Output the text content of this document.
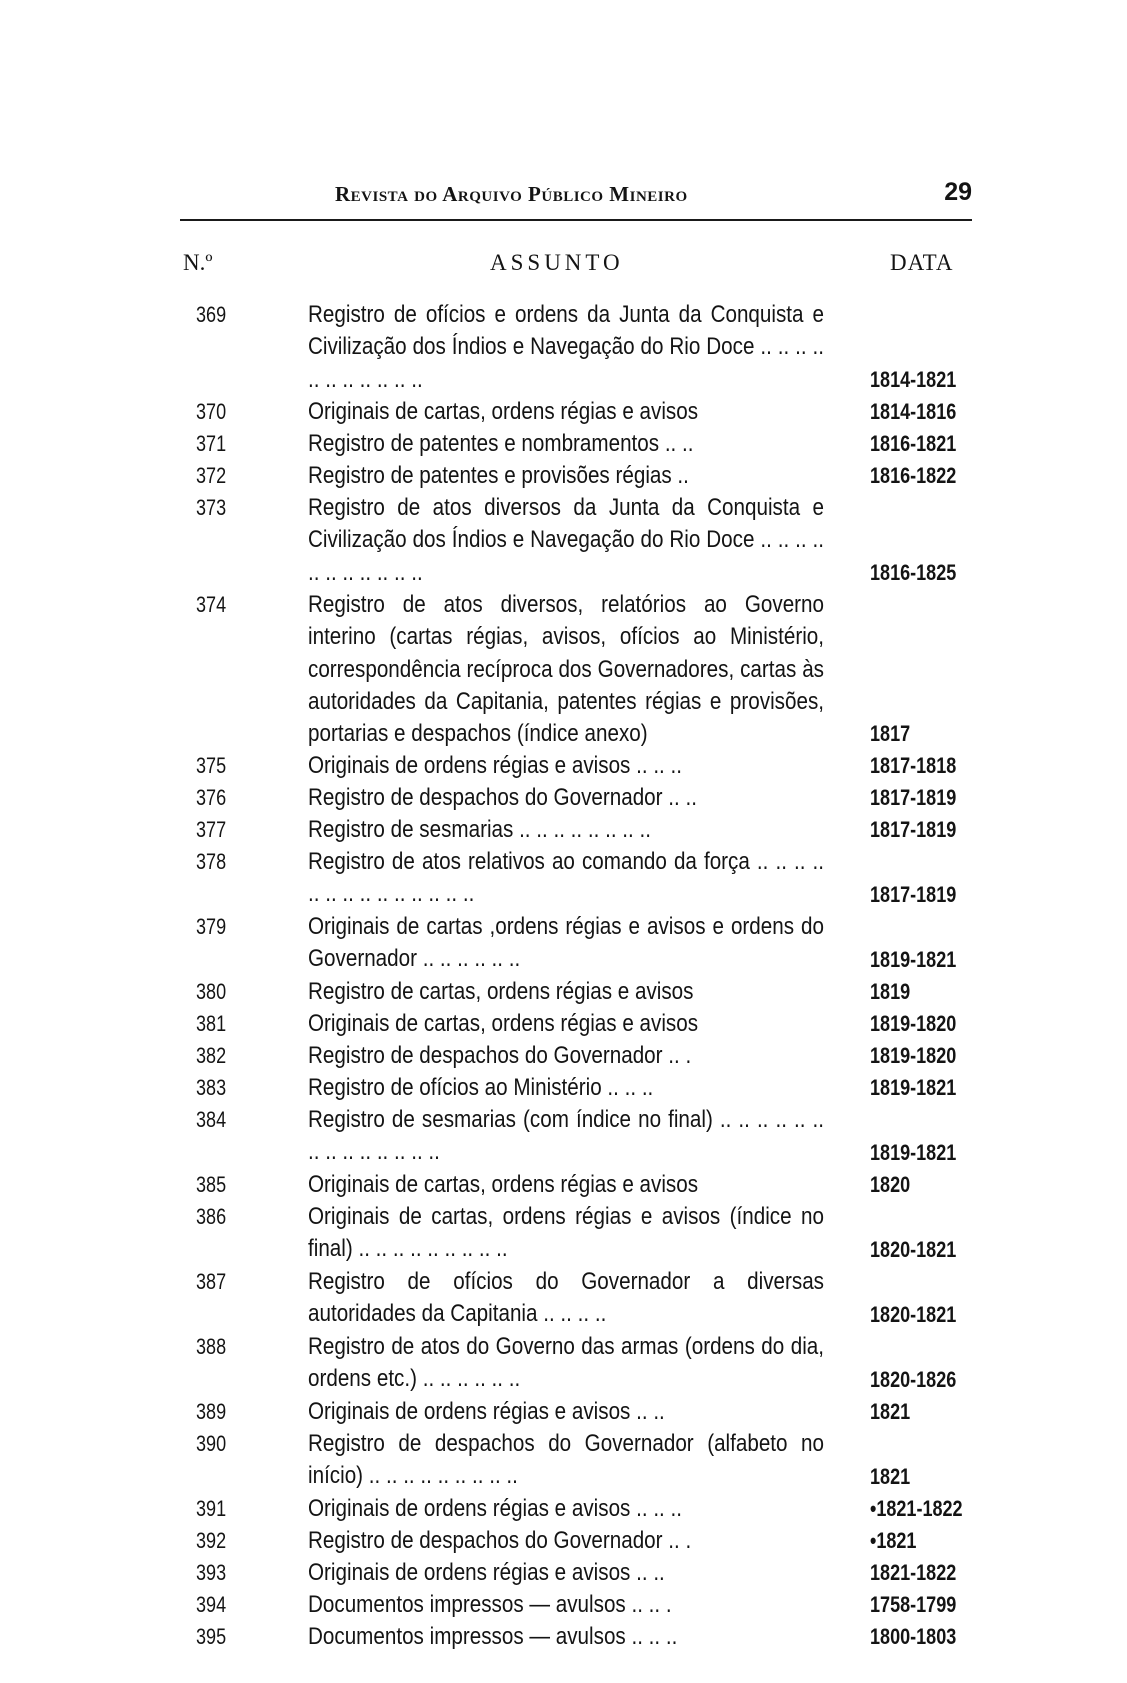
Revista do Arquivo Público Mineiro	29
N.º	ASSUNTO	DATA
369	Registro de ofícios e ordens da Junta da Conquista e Civilização dos Índios e Navegação do Rio Doce .. .. .. .. .. .. .. .. .. .. ..	1814-1821
370	Originais de cartas, ordens régias e avisos	1814-1816
371	Registro de patentes e nombramentos .. ..	1816-1821
372	Registro de patentes e provisões régias ..	1816-1822
373	Registro de atos diversos da Junta da Conquista e Civilização dos Índios e Navegação do Rio Doce .. .. .. .. .. .. .. .. .. .. ..	1816-1825
374	Registro de atos diversos, relatórios ao Governo interino (cartas régias, avisos, ofícios ao Ministério, correspondência recíproca dos Governadores, cartas às autoridades da Capitania, patentes régias e provisões, portarias e despachos (índice anexo)	1817
375	Originais de ordens régias e avisos .. .. ..	1817-1818
376	Registro de despachos do Governador .. ..	1817-1819
377	Registro de sesmarias .. .. .. .. .. .. .. ..	1817-1819
378	Registro de atos relativos ao comando da força .. .. .. .. .. .. .. .. .. .. .. .. .. ..	1817-1819
379	Originais de cartas ,ordens régias e avisos e ordens do Governador .. .. .. .. .. ..	1819-1821
380	Registro de cartas, ordens régias e avisos	1819
381	Originais de cartas, ordens régias e avisos	1819-1820
382	Registro de despachos do Governador .. .	1819-1820
383	Registro de ofícios ao Ministério .. .. ..	1819-1821
384	Registro de sesmarias (com índice no final) .. .. .. .. .. .. .. .. .. .. .. .. .. ..	1819-1821
385	Originais de cartas, ordens régias e avisos	1820
386	Originais de cartas, ordens régias e avisos (índice no final) .. .. .. .. .. .. .. .. ..	1820-1821
387	Registro de ofícios do Governador a diversas autoridades da Capitania .. .. .. ..	1820-1821
388	Registro de atos do Governo das armas (ordens do dia, ordens etc.) .. .. .. .. .. ..	1820-1826
389	Originais de ordens régias e avisos .. ..	1821
390	Registro de despachos do Governador (alfabeto no início) .. .. .. .. .. .. .. .. ..	1821
391	Originais de ordens régias e avisos .. .. ..	•1821-1822
392	Registro de despachos do Governador .. .	•1821
393	Originais de ordens régias e avisos .. ..	1821-1822
394	Documentos impressos — avulsos .. .. .	1758-1799
395	Documentos impressos — avulsos .. .. ..	1800-1803
